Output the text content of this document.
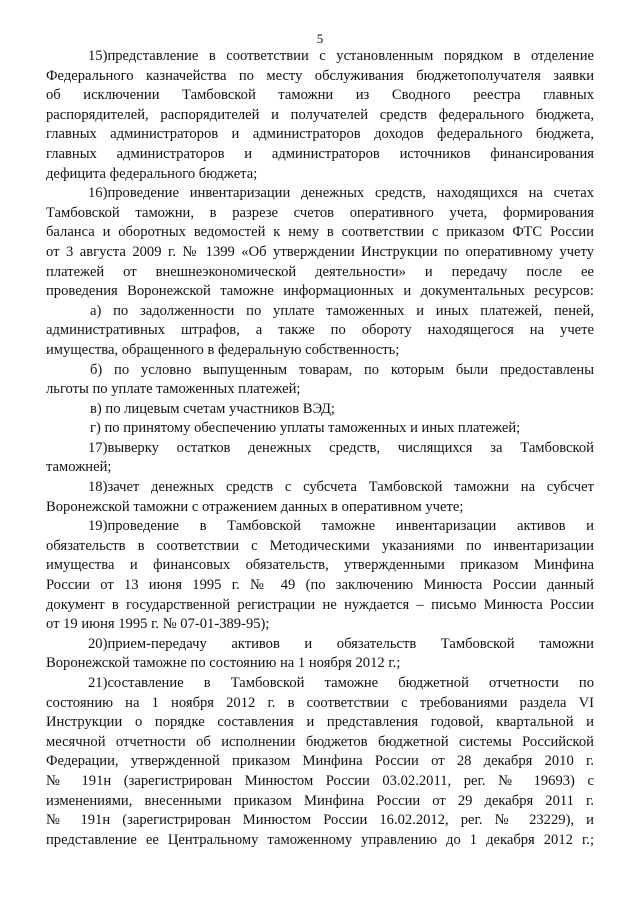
5
15)представление в соответствии с установленным порядком в отделение
Федерального казначейства по месту обслуживания бюджетополучателя заявки
об исключении Тамбовской таможни из Сводного реестра главных
распорядителей, распорядителей и получателей средств федерального бюджета,
главных администраторов и администраторов доходов федерального бюджета,
главных администраторов и администраторов источников финансирования
дефицита федерального бюджета;
16)проведение инвентаризации денежных средств, находящихся на счетах
Тамбовской таможни, в разрезе счетов оперативного учета, формирования
баланса и оборотных ведомостей к нему в соответствии с приказом ФТС России
от 3 августа 2009 г. № 1399 «Об утверждении Инструкции по оперативному учету
платежей от внешнеэкономической деятельности» и передачу после ее
проведения Воронежской таможне информационных и документальных ресурсов:
а) по задолженности по уплате таможенных и иных платежей, пеней,
административных штрафов, а также по обороту находящегося на учете
имущества, обращенного в федеральную собственность;
б) по условно выпущенным товарам, по которым были предоставлены
льготы по уплате таможенных платежей;
в) по лицевым счетам участников ВЭД;
г) по принятому обеспечению уплаты таможенных и иных платежей;
17)выверку остатков денежных средств, числящихся за Тамбовской
таможней;
18)зачет денежных средств с субсчета Тамбовской таможни на субсчет
Воронежской таможни с отражением данных в оперативном учете;
19)проведение в Тамбовской таможне инвентаризации активов и
обязательств в соответствии с Методическими указаниями по инвентаризации
имущества и финансовых обязательств, утвержденными приказом Минфина
России от 13 июня 1995 г. № 49 (по заключению Минюста России данный
документ в государственной регистрации не нуждается – письмо Минюста России
от 19 июня 1995 г. № 07-01-389-95);
20)прием-передачу активов и обязательств Тамбовской таможни
Воронежской таможне по состоянию на 1 ноября 2012 г.;
21)составление в Тамбовской таможне бюджетной отчетности по
состоянию на 1 ноября 2012 г. в соответствии с требованиями раздела VI
Инструкции о порядке составления и представления годовой, квартальной и
месячной отчетности об исполнении бюджетов бюджетной системы Российской
Федерации, утвержденной приказом Минфина России от 28 декабря 2010 г.
№ 191н (зарегистрирован Минюстом России 03.02.2011, рег. № 19693) с
изменениями, внесенными приказом Минфина России от 29 декабря 2011 г.
№ 191н (зарегистрирован Минюстом России 16.02.2012, рег. № 23229), и
представление ее Центральному таможенному управлению до 1 декабря 2012 г.;
